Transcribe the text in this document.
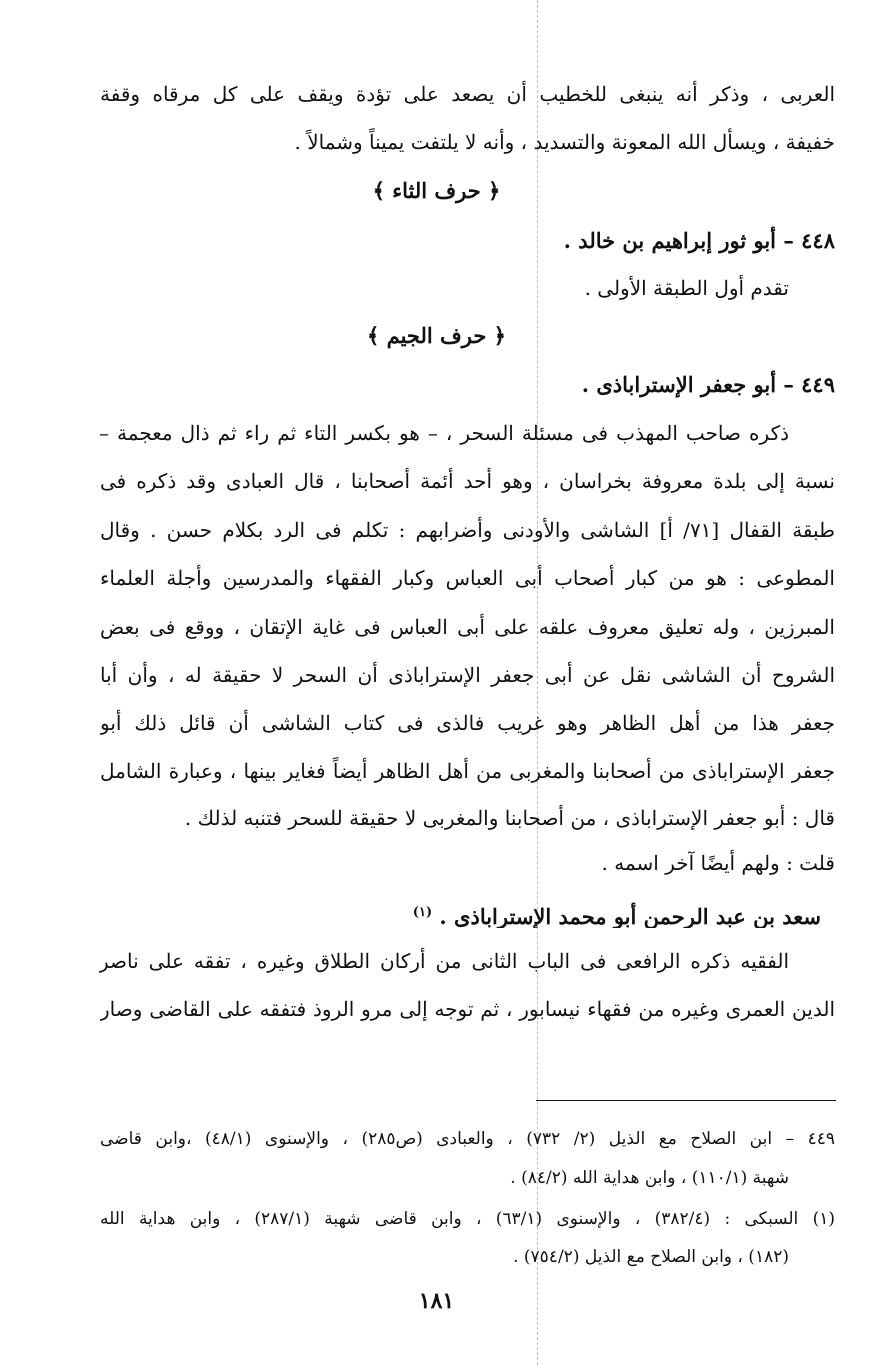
العربى ، وذكر أنه ينبغى للخطيب أن يصعد على تؤدة ويقف على كل مرقاه وقفة
خفيفة ، ويسأل الله المعونة والتسديد ، وأنه لا يلتفت يميناً وشمالاً .
﴿ حرف الثاء ﴾
٤٤٨ – أبو ثور إبراهيم بن خالد .
تقدم أول الطبقة الأولى .
﴿ حرف الجيم ﴾
٤٤٩ – أبو جعفر الإستراباذى .
ذكره صاحب المهذب فى مسئلة السحر ، – هو بكسر التاء ثم راء ثم ذال معجمة –
نسبة إلى بلدة معروفة بخراسان ، وهو أحد أئمة أصحابنا ، قال العبادى وقد ذكره فى
طبقة القفال [٧١/ أ] الشاشى والأودنى وأضرابهم : تكلم فى الرد بكلام حسن . وقال
المطوعى : هو من كبار أصحاب أبى العباس وكبار الفقهاء والمدرسين وأجلة العلماء
المبرزين ، وله تعليق معروف علقه على أبى العباس فى غاية الإتقان ، ووقع فى بعض
الشروح أن الشاشى نقل عن أبى جعفر الإستراباذى أن السحر لا حقيقة له ، وأن أبا
جعفر هذا من أهل الظاهر وهو غريب فالذى فى كتاب الشاشى أن قائل ذلك أبو
جعفر الإستراباذى من أصحابنا والمغربى من أهل الظاهر أيضاً فغاير بينها ، وعبارة الشامل
قال : أبو جعفر الإستراباذى ، من أصحابنا والمغربى لا حقيقة للسحر فتنبه لذلك .
قلت : ولهم أيضًا آخر اسمه .
سعد بن عبد الرحمن أبو محمد الإستراباذى . $^{(١)}$
الفقيه ذكره الرافعى فى الباب الثانى من أركان الطلاق وغيره ، تفقه على ناصر
الدين العمرى وغيره من فقهاء نيسابور ، ثم توجه إلى مرو الروذ فتفقه على القاضى وصار
٤٤٩ – ابن الصلاح مع الذيل (٢/ ٧٣٢) ، والعبادى (ص٢٨٥) ، والإسنوى (٤٨/١) ،وابن قاضى
شهبة (١١٠/١) ، وابن هداية الله (٨٤/٢) .
(١) السبكى : (٣٨٢/٤) ، والإسنوى (٦٣/١) ، وابن قاضى شهبة (٢٨٧/١) ، وابن هداية الله
(١٨٢) ، وابن الصلاح مع الذيل (٧٥٤/٢) .
١٨١
